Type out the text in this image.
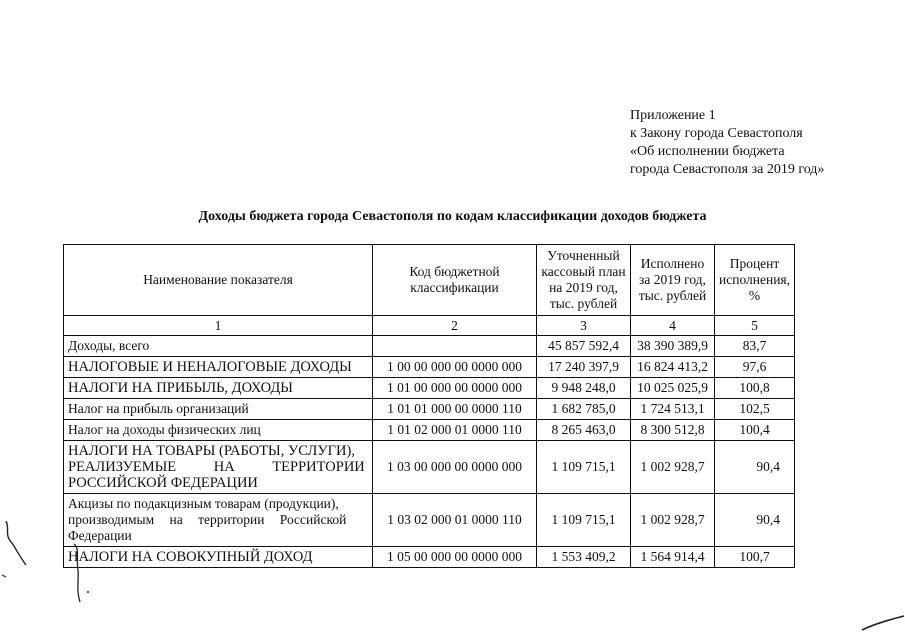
Приложение 1
к Закону города Севастополя
«Об исполнении бюджета
города Севастополя за 2019 год»
Доходы бюджета города Севастополя по кодам классификации доходов бюджета
Наименование показателя	Код бюджетной классификации	Уточненный кассовый план на 2019 год, тыс. рублей	Исполнено за 2019 год, тыс. рублей	Процент исполнения, %
1	2	3	4	5
Доходы, всего		45 857 592,4	38 390 389,9	83,7
НАЛОГОВЫЕ И НЕНАЛОГОВЫЕ ДОХОДЫ	1 00 00 000 00 0000 000	17 240 397,9	16 824 413,2	97,6
НАЛОГИ НА ПРИБЫЛЬ, ДОХОДЫ	1 01 00 000 00 0000 000	9 948 248,0	10 025 025,9	100,8
Налог на прибыль организаций	1 01 01 000 00 0000 110	1 682 785,0	1 724 513,1	102,5
Налог на доходы физических лиц	1 01 02 000 01 0000 110	8 265 463,0	8 300 512,8	100,4

НАЛОГИ НА ТОВАРЫ (РАБОТЫ, УСЛУГИ),
РЕАЛИЗУЕМЫЕ НА ТЕРРИТОРИИ
РОССИЙСКОЙ ФЕДЕРАЦИИ	1 03 00 000 00 0000 000	1 109 715,1	1 002 928,7	90,4

Акцизы по подакцизным товарам (продукции),
производимым на территории Российской
Федерации	1 03 02 000 01 0000 110	1 109 715,1	1 002 928,7	90,4
НАЛОГИ НА СОВОКУПНЫЙ ДОХОД	1 05 00 000 00 0000 000	1 553 409,2	1 564 914,4	100,7
